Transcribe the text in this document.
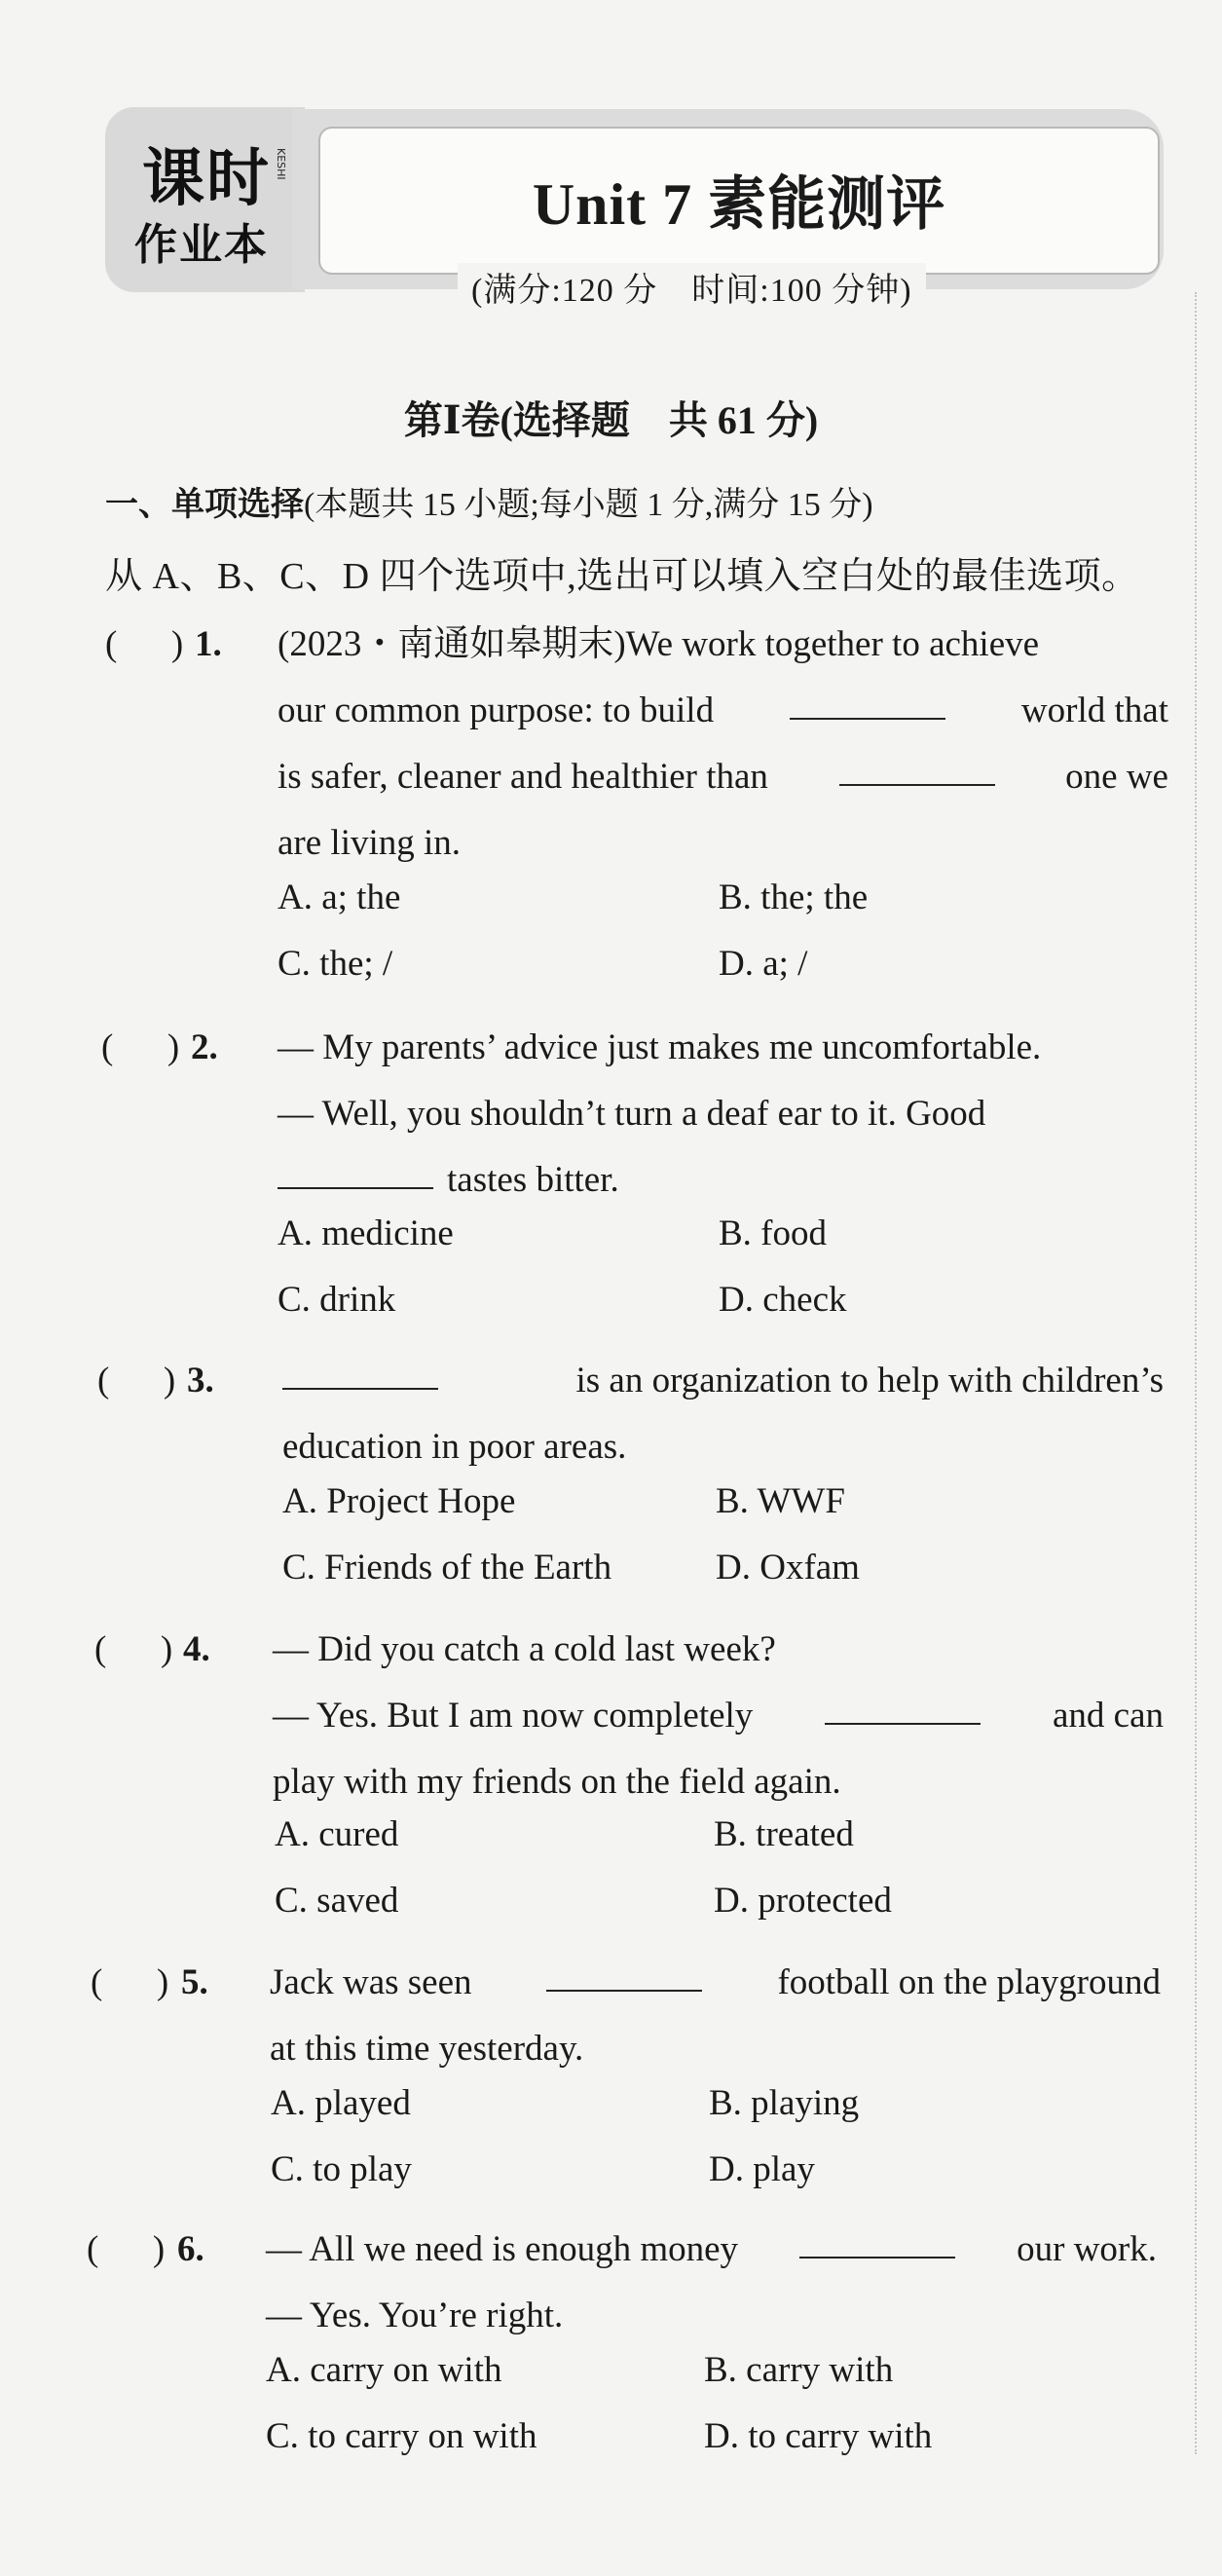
课时
作业本
KESHI
Unit 7 素能测评
(满分:120 分　时间:100 分钟)
第Ⅰ卷(选择题　共 61 分)
一、单项选择(本题共 15 小题;每小题 1 分,满分 15 分)
从 A、B、C、D 四个选项中,选出可以填入空白处的最佳选项。
(      ) 1. (2023・南通如皋期末)We work together to achieve
our common purpose: to build	world that
is safer, cleaner and healthier than	one we
are living in.
A. a; the	B. the; the
C. the; /	D. a; /
(      ) 2. — My parents’ advice just makes me uncomfortable.
— Well, you shouldn’t turn a deaf ear to it. Good
tastes bitter.
A. medicine	B. food
C. drink	D. check
(      ) 3.	is an organization to help with children’s
education in poor areas.
A. Project Hope	B. WWF
C. Friends of the Earth	D. Oxfam
(      ) 4. — Did you catch a cold last week?
— Yes. But I am now completely	and can
play with my friends on the field again.
A. cured	B. treated
C. saved	D. protected
(      ) 5. Jack was seen	football on the playground
at this time yesterday.
A. played	B. playing
C. to play	D. play
(      ) 6. — All we need is enough money	our work.
— Yes. You’re right.
A. carry on with	B. carry with
C. to carry on with	D. to carry with
